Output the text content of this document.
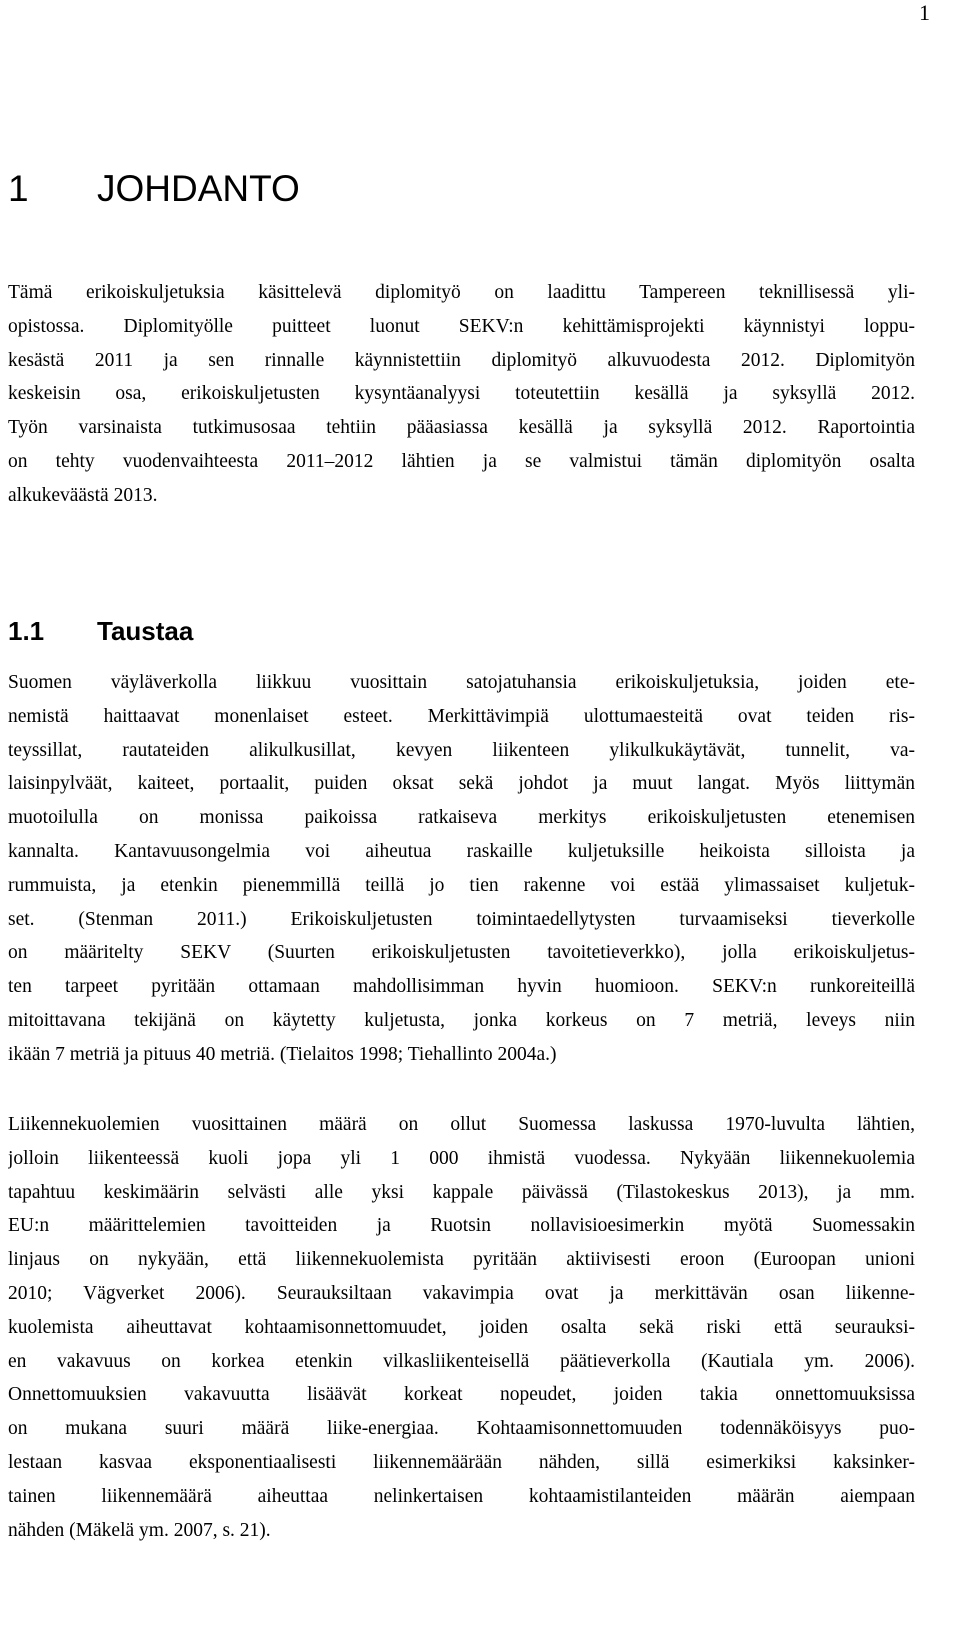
1
1 JOHDANTO
Tämä erikoiskuljetuksia käsittelevä diplomityö on laadittu Tampereen teknillisessä yli-
opistossa. Diplomityölle puitteet luonut SEKV:n kehittämisprojekti käynnistyi loppu-
kesästä 2011 ja sen rinnalle käynnistettiin diplomityö alkuvuodesta 2012. Diplomityön
keskeisin osa, erikoiskuljetusten kysyntäanalyysi toteutettiin kesällä ja syksyllä 2012.
Työn varsinaista tutkimusosaa tehtiin pääasiassa kesällä ja syksyllä 2012. Raportointia
on tehty vuodenvaihteesta 2011–2012 lähtien ja se valmistui tämän diplomityön osalta
alkukeväästä 2013.
1.1 Taustaa
Suomen väyläverkolla liikkuu vuosittain satojatuhansia erikoiskuljetuksia, joiden ete-
nemistä haittaavat monenlaiset esteet. Merkittävimpiä ulottumaesteitä ovat teiden ris-
teyssillat, rautateiden alikulkusillat, kevyen liikenteen ylikulkukäytävät, tunnelit, va-
laisinpylväät, kaiteet, portaalit, puiden oksat sekä johdot ja muut langat. Myös liittymän
muotoilulla on monissa paikoissa ratkaiseva merkitys erikoiskuljetusten etenemisen
kannalta. Kantavuusongelmia voi aiheutua raskaille kuljetuksille heikoista silloista ja
rummuista, ja etenkin pienemmillä teillä jo tien rakenne voi estää ylimassaiset kuljetuk-
set. (Stenman 2011.) Erikoiskuljetusten toimintaedellytysten turvaamiseksi tieverkolle
on määritelty SEKV (Suurten erikoiskuljetusten tavoitetieverkko), jolla erikoiskuljetus-
ten tarpeet pyritään ottamaan mahdollisimman hyvin huomioon. SEKV:n runkoreiteillä
mitoittavana tekijänä on käytetty kuljetusta, jonka korkeus on 7 metriä, leveys niin
ikään 7 metriä ja pituus 40 metriä. (Tielaitos 1998; Tiehallinto 2004a.)
Liikennekuolemien vuosittainen määrä on ollut Suomessa laskussa 1970-luvulta lähtien,
jolloin liikenteessä kuoli jopa yli 1 000 ihmistä vuodessa. Nykyään liikennekuolemia
tapahtuu keskimäärin selvästi alle yksi kappale päivässä (Tilastokeskus 2013), ja mm.
EU:n määrittelemien tavoitteiden ja Ruotsin nollavisioesimerkin myötä Suomessakin
linjaus on nykyään, että liikennekuolemista pyritään aktiivisesti eroon (Euroopan unioni
2010; Vägverket 2006). Seurauksiltaan vakavimpia ovat ja merkittävän osan liikenne-
kuolemista aiheuttavat kohtaamisonnettomuudet, joiden osalta sekä riski että seurauksi-
en vakavuus on korkea etenkin vilkasliikenteisellä päätieverkolla (Kautiala ym. 2006).
Onnettomuuksien vakavuutta lisäävät korkeat nopeudet, joiden takia onnettomuuksissa
on mukana suuri määrä liike-energiaa. Kohtaamisonnettomuuden todennäköisyys puo-
lestaan kasvaa eksponentiaalisesti liikennemäärään nähden, sillä esimerkiksi kaksinker-
tainen liikennemäärä aiheuttaa nelinkertaisen kohtaamistilanteiden määrän aiempaan
nähden (Mäkelä ym. 2007, s. 21).
